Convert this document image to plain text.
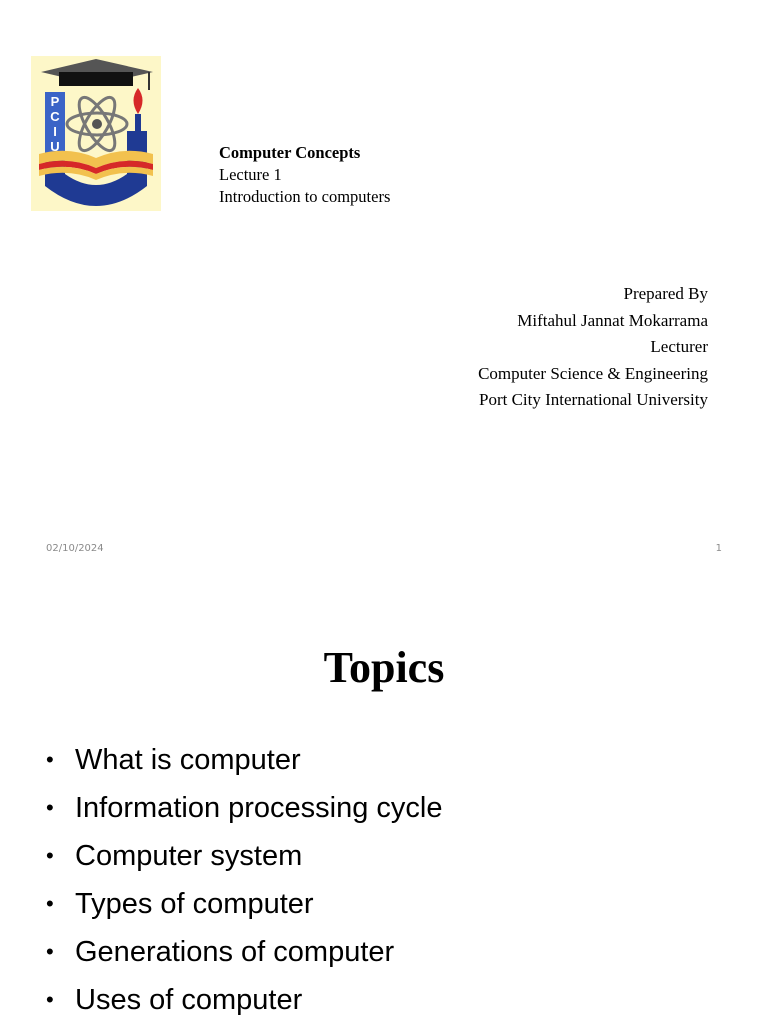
P
C
I
U	Computer Concepts
Lecture 1
Introduction to computers
Prepared By
Miftahul Jannat Mokarrama
Lecturer
Computer Science & Engineering
Port City International University
02/10/2024	1
Topics
• What is computer
• Information processing cycle
• Computer system
• Types of computer
• Generations of computer
• Uses of computer
